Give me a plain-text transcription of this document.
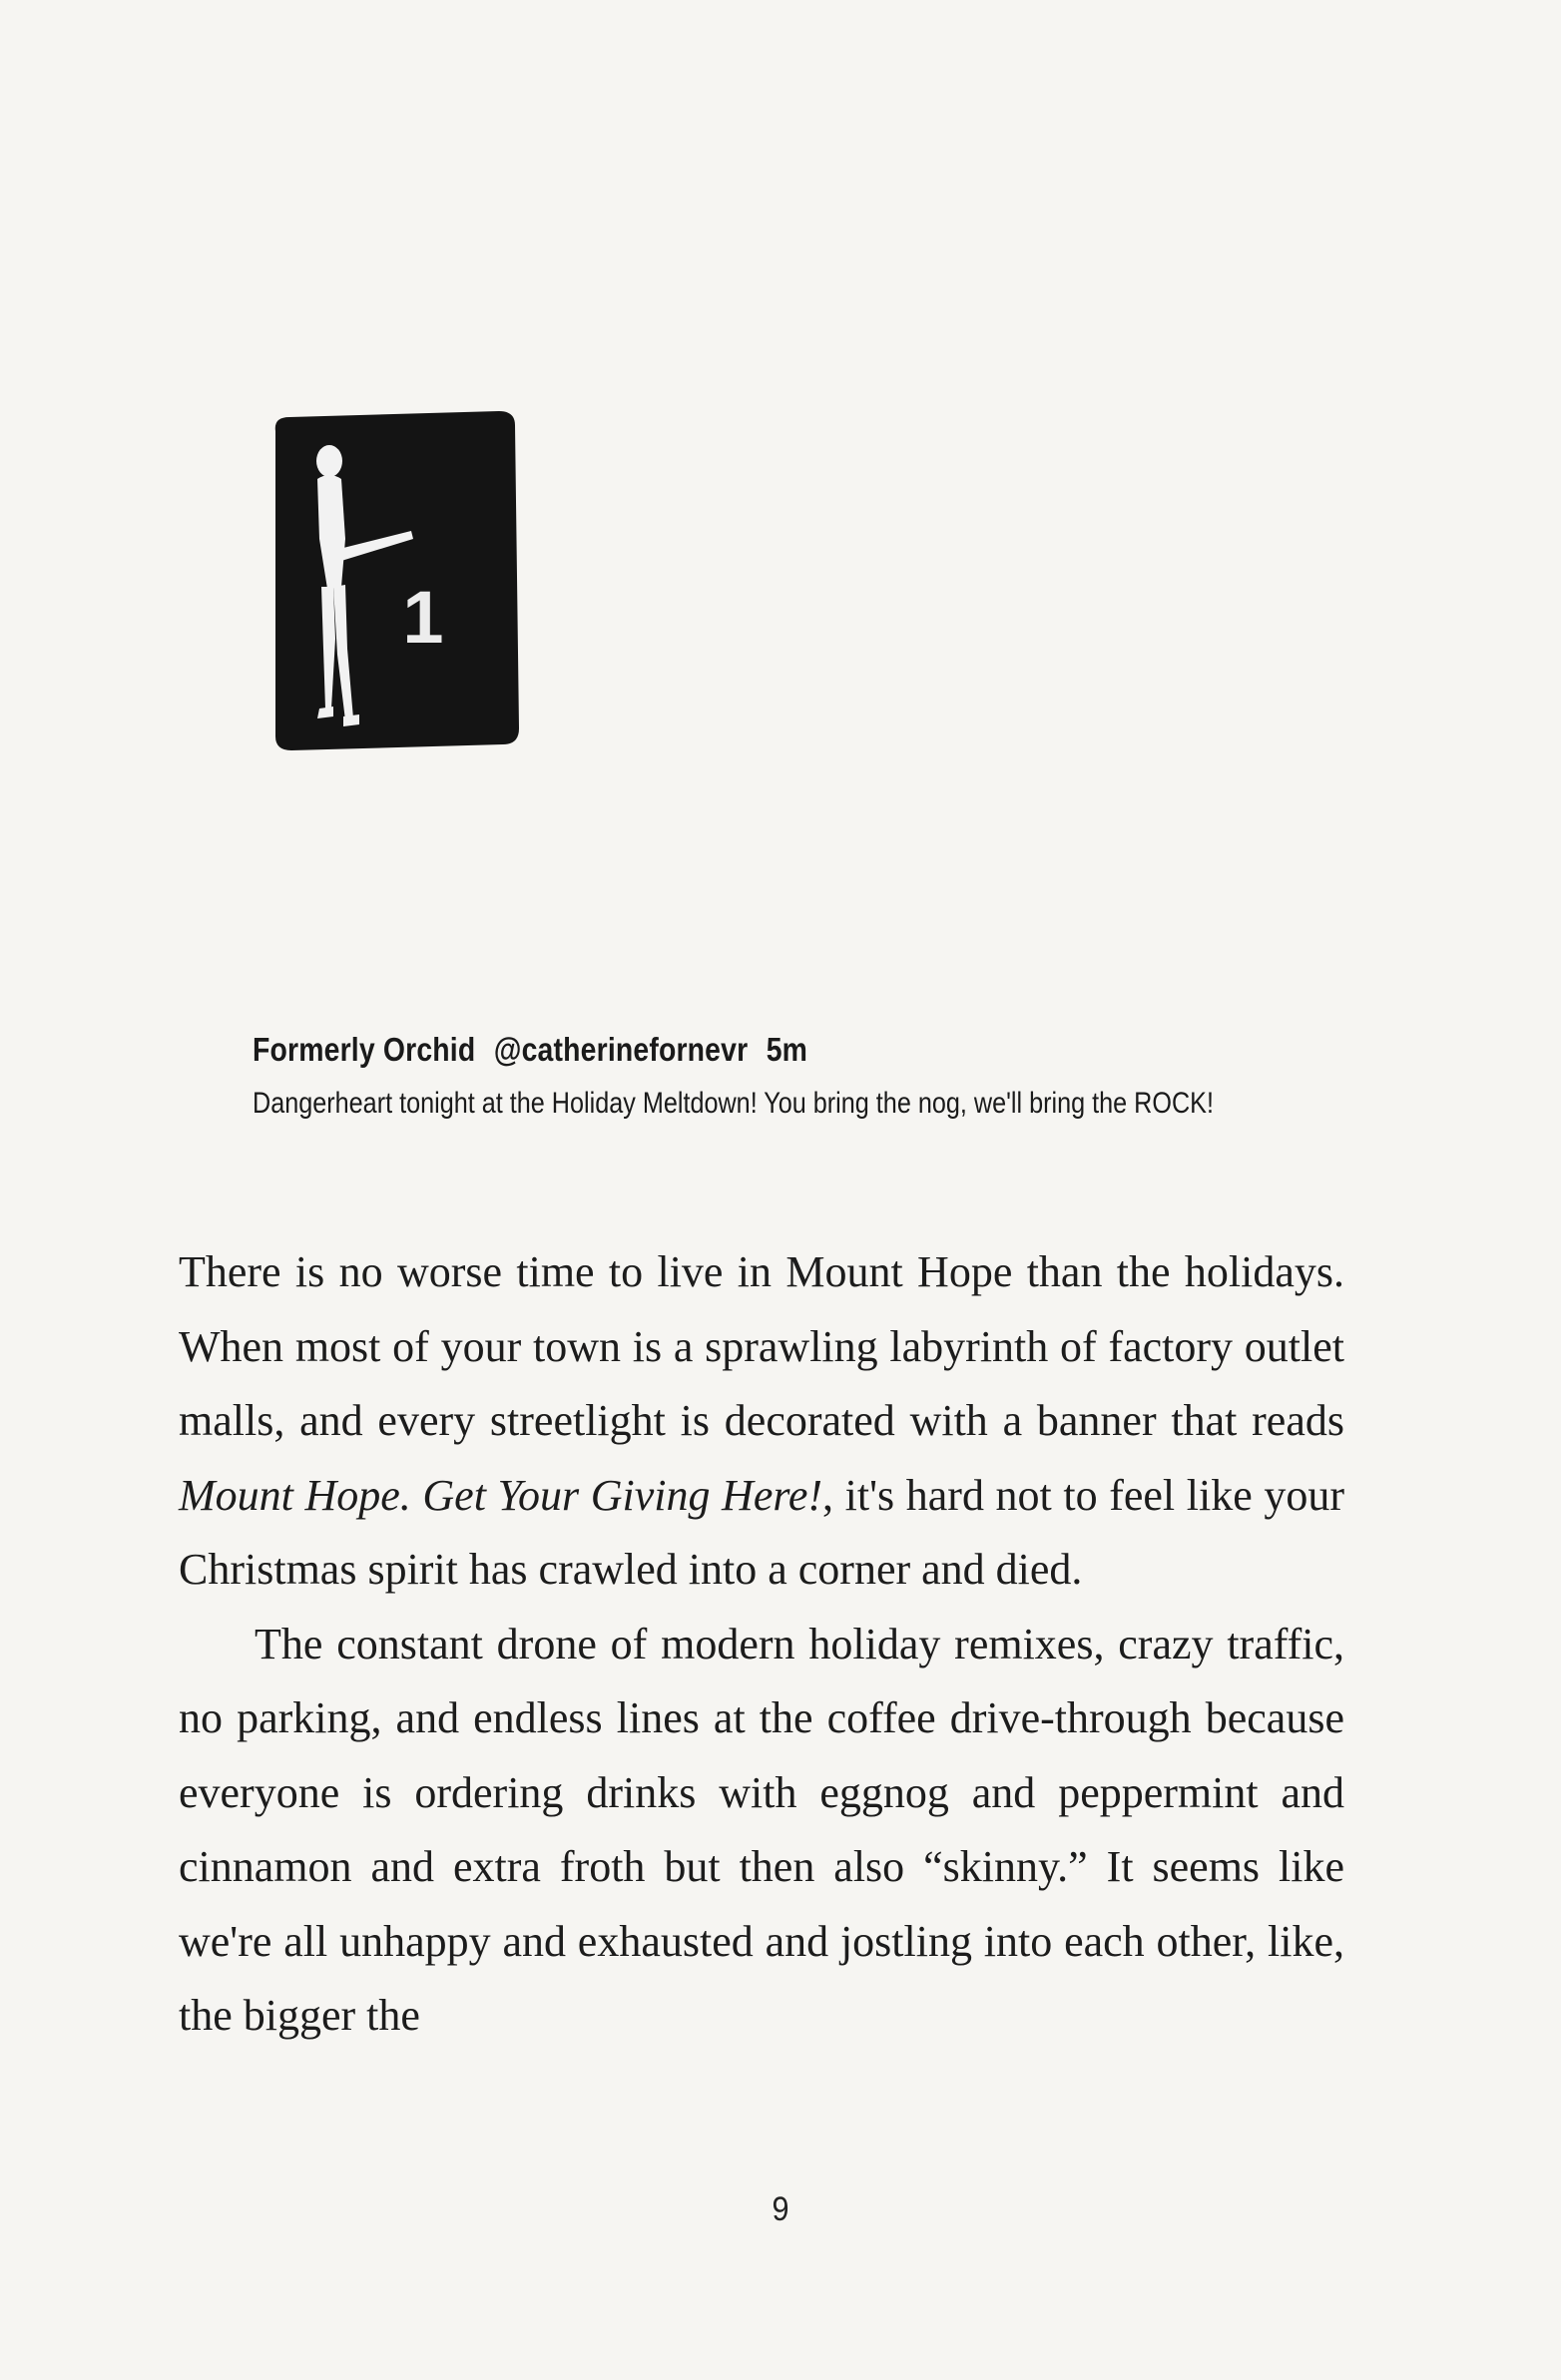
1
Formerly Orchid @catherinefornevr 5m
Dangerheart tonight at the Holiday Meltdown! You bring the nog, we'll bring the ROCK!

There is no worse time to live in Mount Hope than the holidays. When most of your town is a sprawling labyrinth of factory outlet malls, and every streetlight is decorated with a banner that reads Mount Hope. Get Your Giving Here!, it's hard not to feel like your Christmas spirit has crawled into a corner and died.

The constant drone of modern holiday remixes, crazy traffic, no parking, and endless lines at the coffee drive-through because everyone is ordering drinks with eggnog and peppermint and cinnamon and extra froth but then also “skinny.” It seems like we're all unhappy and exhausted and jostling into each other, like, the bigger the

9
